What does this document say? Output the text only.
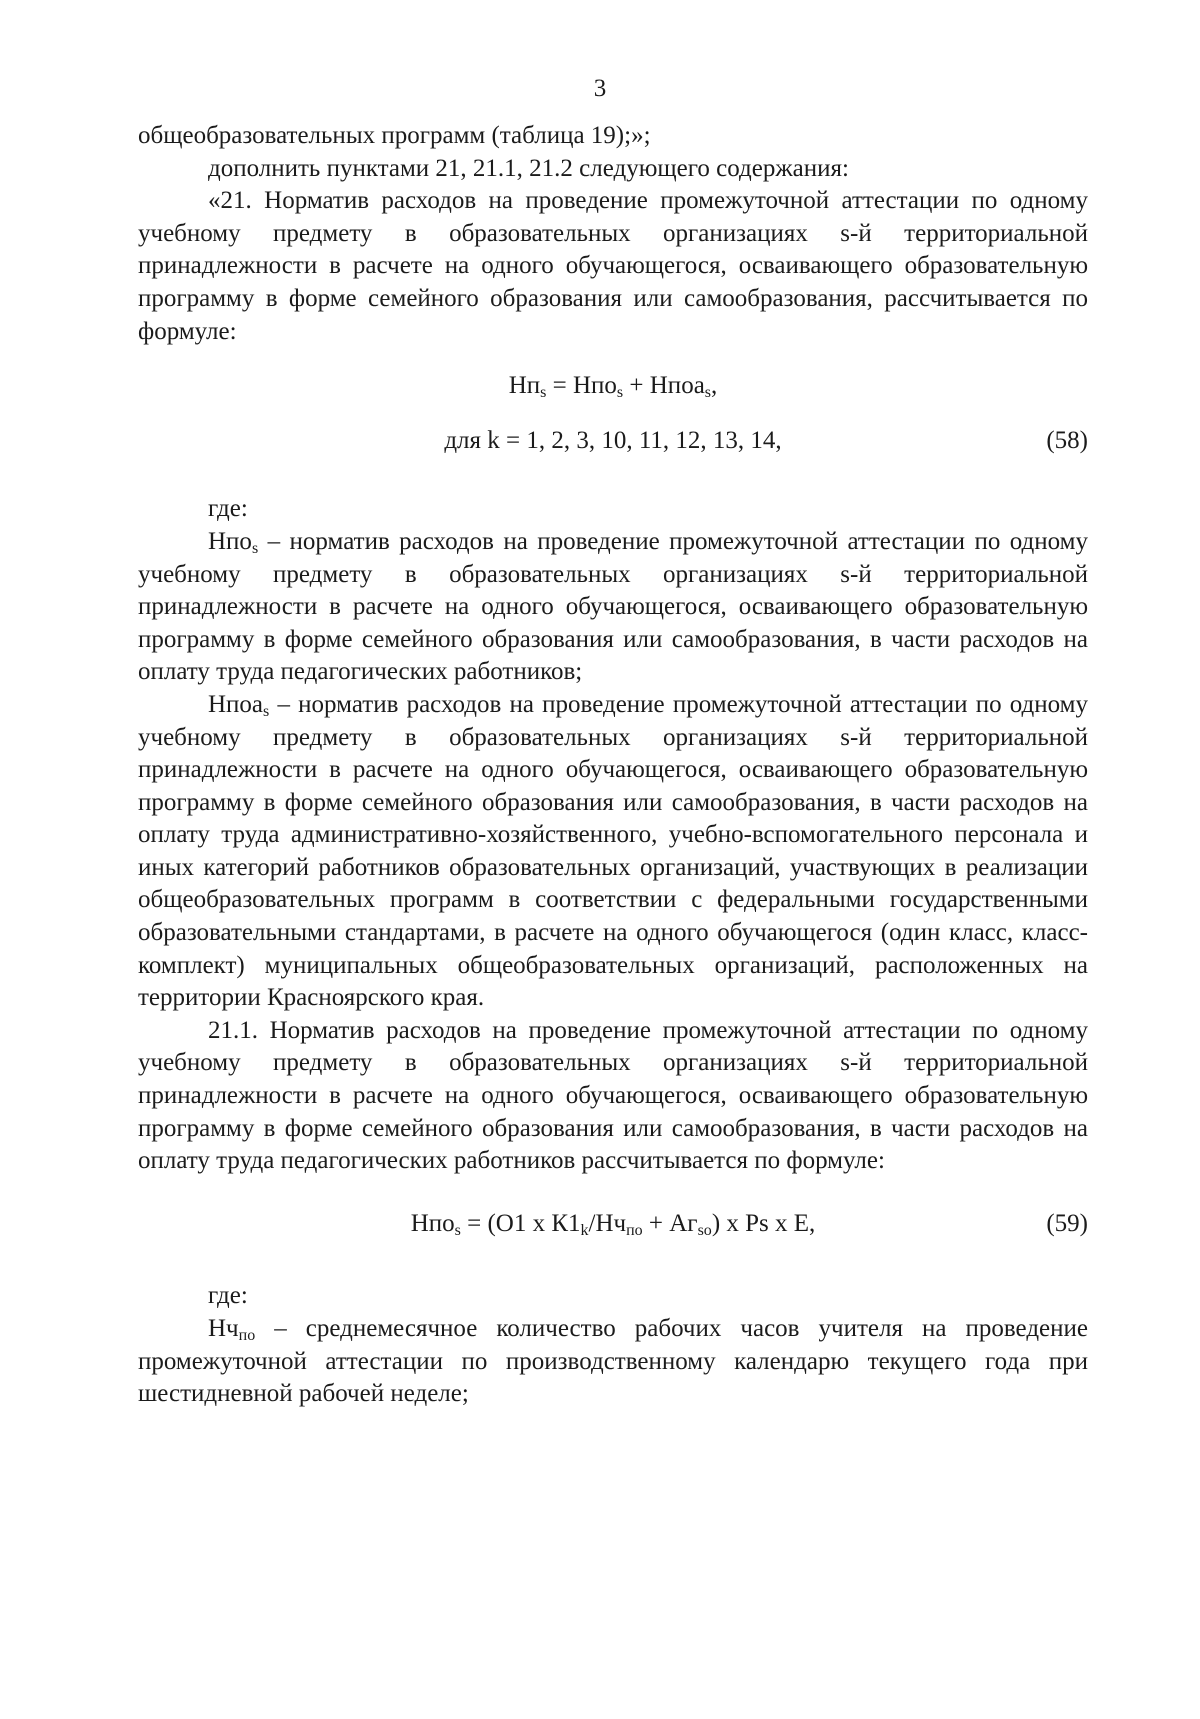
3

общеобразовательных программ (таблица 19);»;

дополнить пунктами 21, 21.1, 21.2 следующего содержания:

«21. Норматив расходов на проведение промежуточной аттестации по одному учебному предмету в образовательных организациях s-й территориальной принадлежности в расчете на одного обучающегося, осваивающего образовательную программу в форме семейного образования или самообразования, рассчитывается по формуле:

$Нп_s = Нпо_s$ + Нпоа$_s$,

для k = 1, 2, 3, 10, 11, 12, 13, 14,	(58)

где:

Нпо$_s$ – норматив расходов на проведение промежуточной аттестации по одному учебному предмету в образовательных организациях s-й территориальной принадлежности в расчете на одного обучающегося, осваивающего образовательную программу в форме семейного образования или самообразования, в части расходов на оплату труда педагогических работников;

Нпоа$_s$ – норматив расходов на проведение промежуточной аттестации по одному учебному предмету в образовательных организациях s-й территориальной принадлежности в расчете на одного обучающегося, осваивающего образовательную программу в форме семейного образования или самообразования, в части расходов на оплату труда административно-хозяйственного, учебно-вспомогательного персонала и иных категорий работников образовательных организаций, участвующих в реализации общеобразовательных программ в соответствии с федеральными государственными образовательными стандартами, в расчете на одного обучающегося (один класс, класс-комплект) муниципальных общеобразовательных организаций, расположенных на территории Красноярского края.

21.1. Норматив расходов на проведение промежуточной аттестации по одному учебному предмету в образовательных организациях s-й территориальной принадлежности в расчете на одного обучающегося, осваивающего образовательную программу в форме семейного образования или самообразования, в части расходов на оплату труда педагогических работников рассчитывается по формуле:

Нпо$_s$ = (О1 х $К1_k/Нч_{по} + Аг_{so}$) х Ps х Е,	(59)

где:

$Нч_{по}$ – среднемесячное количество рабочих часов учителя на проведение промежуточной аттестации по производственному календарю текущего года при шестидневной рабочей неделе;
